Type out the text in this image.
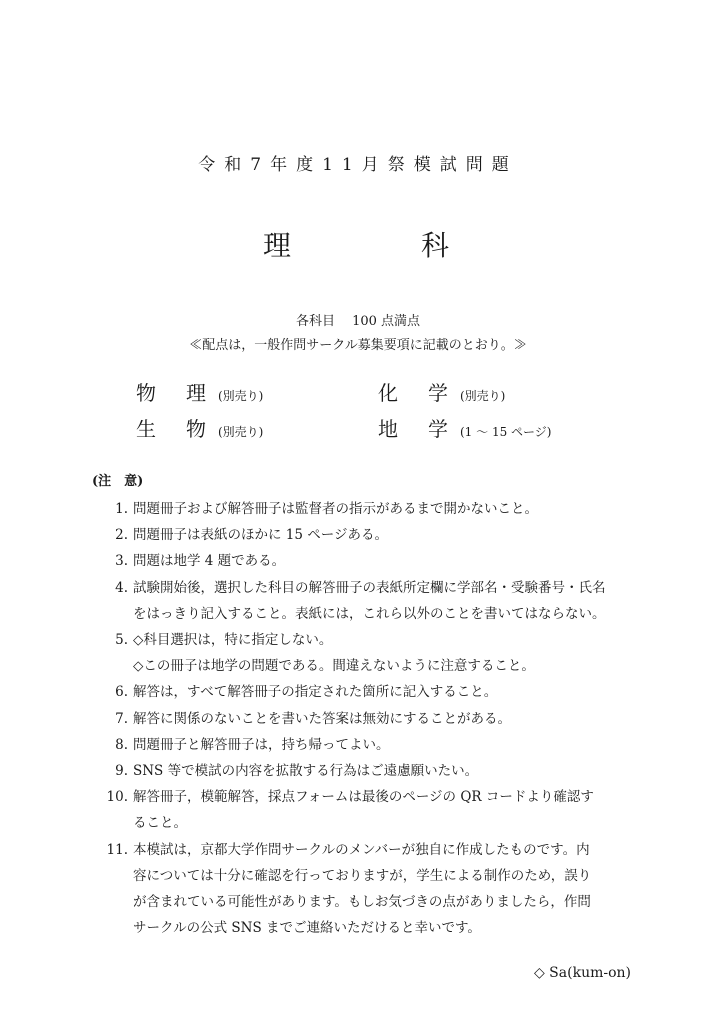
令和7年度11月祭模試問題
理	科
各科目　 100 点満点
≪配点は，一般作問サークル募集要項に記載のとおり。≫
物 理 (別売り)	化 学 (別売り)
生 物 (別売り)	地 学 (1 ～ 15 ページ)
(注　意)
1. 問題冊子および解答冊子は監督者の指示があるまで開かないこと。
2. 問題冊子は表紙のほかに 15 ページある。
3. 問題は地学 4 題である。
4. 試験開始後，選択した科目の解答冊子の表紙所定欄に学部名・受験番号・氏名
をはっきり記入すること。表紙には，これら以外のことを書いてはならない。
5. ◇科目選択は，特に指定しない。
◇この冊子は地学の問題である。間違えないように注意すること。
6. 解答は，すべて解答冊子の指定された箇所に記入すること。
7. 解答に関係のないことを書いた答案は無効にすることがある。
8. 問題冊子と解答冊子は，持ち帰ってよい。
9. SNS 等で模試の内容を拡散する行為はご遠慮願いたい。
10. 解答冊子，模範解答，採点フォームは最後のページの QR コードより確認す
ること。
11. 本模試は，京都大学作問サークルのメンバーが独自に作成したものです。内
容については十分に確認を行っておりますが，学生による制作のため，誤り
が含まれている可能性があります。もしお気づきの点がありましたら，作問
サークルの公式 SNS までご連絡いただけると幸いです。
◇ Sa(kum-on)
